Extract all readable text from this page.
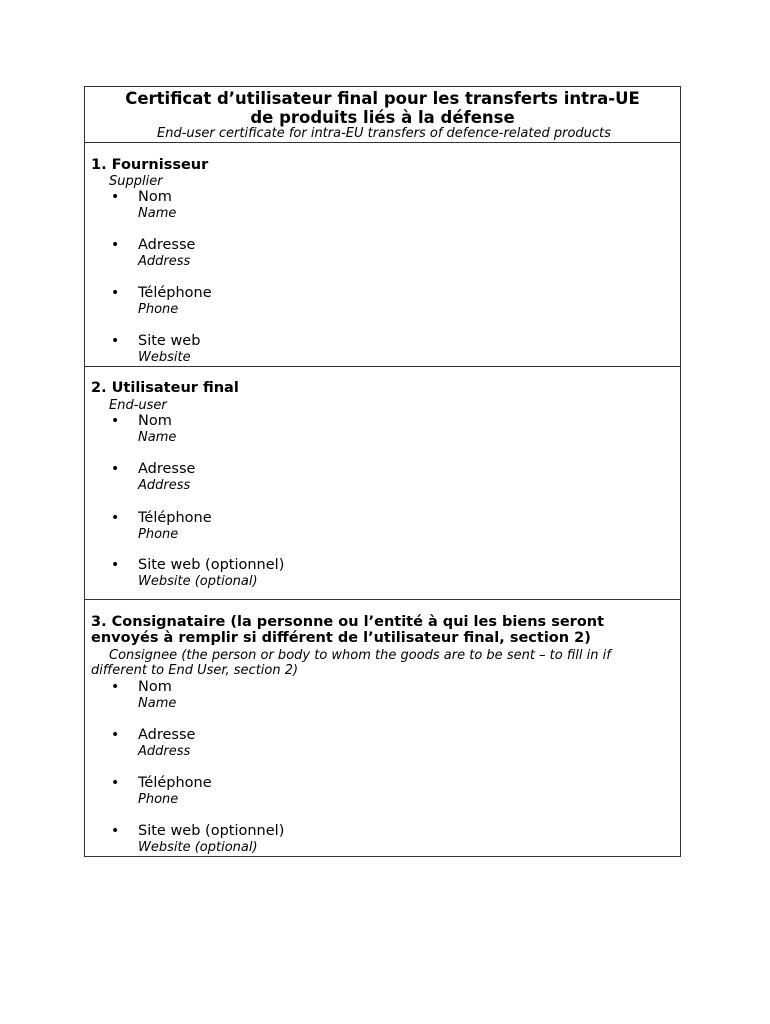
Certificat d’utilisateur final pour les transferts intra-UE
de produits liés à la défense
End-user certificate for intra-EU transfers of defence-related products
1. Fournisseur
Supplier
• Nom
Name
• Adresse
Address
• Téléphone
Phone
• Site web
Website
2. Utilisateur final
End-user
• Nom
Name
• Adresse
Address
• Téléphone
Phone
• Site web (optionnel)
Website (optional)
3. Consignataire (la personne ou l’entité à qui les biens seront
envoyés à remplir si différent de l’utilisateur final, section 2)
Consignee (the person or body to whom the goods are to be sent – to fill in if
different to End User, section 2)
• Nom
Name
• Adresse
Address
• Téléphone
Phone
• Site web (optionnel)
Website (optional)
